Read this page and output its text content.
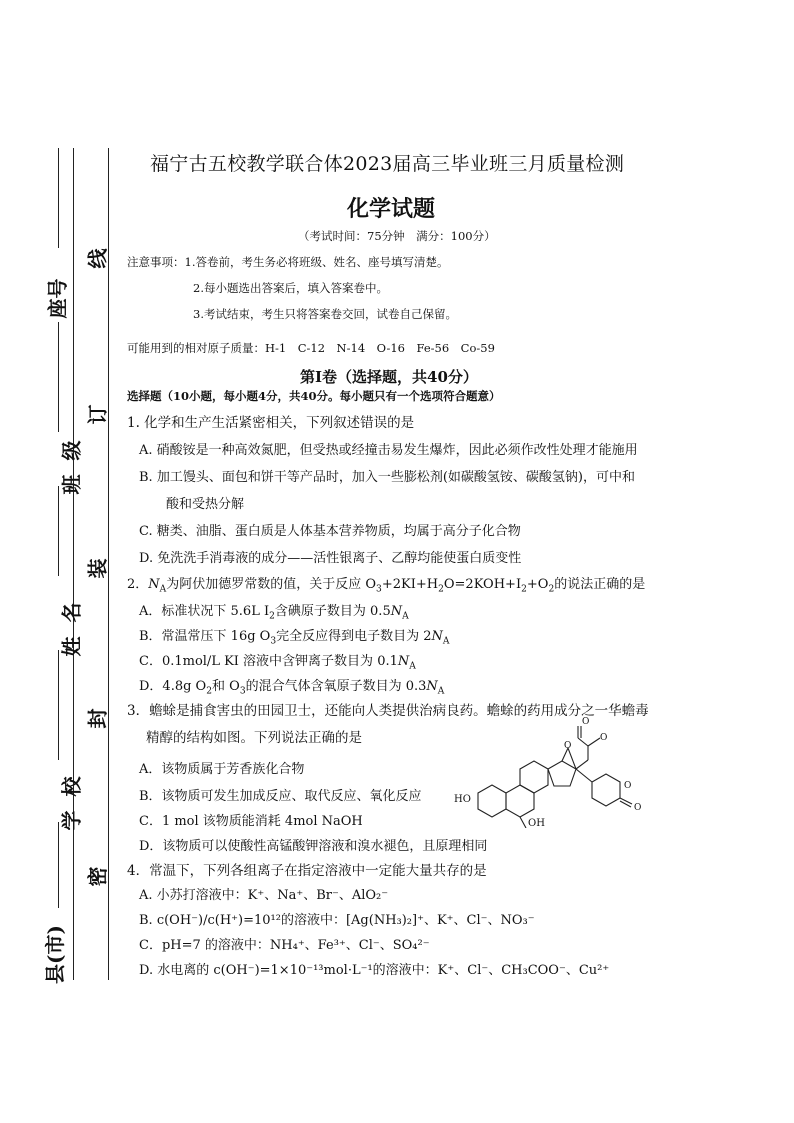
座号
班级
姓名
学校
县(市)
线
订
装
封
密
福宁古五校教学联合体2023届高三毕业班三月质量检测
化学试题
（考试时间：75分钟　满分：100分）
注意事项：1.答卷前，考生务必将班级、姓名、座号填写清楚。
2.每小题选出答案后，填入答案卷中。
3.考试结束，考生只将答案卷交回，试卷自己保留。
可能用到的相对原子质量：H-1　C-12　N-14　O-16　Fe-56　Co-59
第Ⅰ卷（选择题，共40分）
选择题（10小题，每小题4分，共40分。每小题只有一个选项符合题意）
1. 化学和生产生活紧密相关，下列叙述错误的是
A. 硝酸铵是一种高效氮肥，但受热或经撞击易发生爆炸，因此必须作改性处理才能施用
B. 加工馒头、面包和饼干等产品时，加入一些膨松剂(如碳酸氢铵、碳酸氢钠)，可中和
酸和受热分解
C. 糖类、油脂、蛋白质是人体基本营养物质，均属于高分子化合物
D. 免洗洗手消毒液的成分——活性银离子、乙醇均能使蛋白质变性
2．$N_A$为阿伏加德罗常数的值，关于反应 $O_3+2KI+H_2O=2KOH+I_2+O_2$的说法正确的是
A．标准状况下 5.6L $I_2$含碘原子数目为 $0.5N_A$
B．常温常压下 16g $O_3$完全反应得到电子数目为 $2N_A$
C．0.1mol/L KI 溶液中含钾离子数目为 $0.1N_A$
D．4.8g $O_2$和 $O_3$的混合气体含氧原子数目为 $0.3N_A$
3．蟾蜍是捕食害虫的田园卫士，还能向人类提供治病良药。蟾蜍的药用成分之一华蟾毒
精醇的结构如图。下列说法正确的是
A．该物质属于芳香族化合物
B．该物质可发生加成反应、取代反应、氧化反应
C．1 mol 该物质能消耗 4mol NaOH
D．该物质可以使酸性高锰酸钾溶液和溴水褪色，且原理相同
HO
OH
O
O
O
O
O
4．常温下，下列各组离子在指定溶液中一定能大量共存的是
A. 小苏打溶液中：K⁺、Na⁺、Br⁻、AlO₂⁻
B. c(OH⁻)/c(H⁺)=10¹²的溶液中：[Ag(NH₃)₂]⁺、K⁺、Cl⁻、NO₃⁻
C．pH=7 的溶液中：NH₄⁺、Fe³⁺、Cl⁻、SO₄²⁻
D. 水电离的 c(OH⁻)=1×10⁻¹³mol·L⁻¹的溶液中：K⁺、Cl⁻、CH₃COO⁻、Cu²⁺
